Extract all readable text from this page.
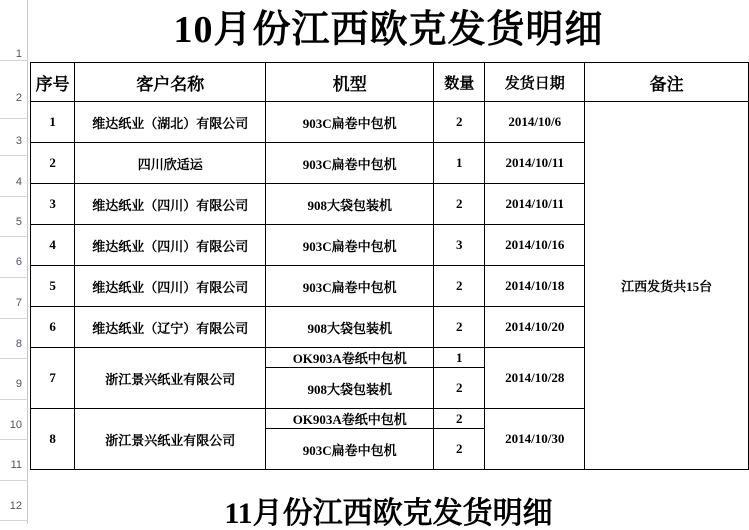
1
2
3
4
5
6
7
8
9
10
11
12
10月份江西欧克发货明细
序号	客户名称	机型	数量	发货日期	备注
1	维达纸业（湖北）有限公司	903C扁卷中包机	2	2014/10/6	江西发货共15台
2	四川欣适运	903C扁卷中包机	1	2014/10/11	
3	维达纸业（四川）有限公司	908大袋包装机	2	2014/10/11	
4	维达纸业（四川）有限公司	903C扁卷中包机	3	2014/10/16	
5	维达纸业（四川）有限公司	903C扁卷中包机	2	2014/10/18	
6	维达纸业（辽宁）有限公司	908大袋包装机	2	2014/10/20	
7	浙江景兴纸业有限公司	OK903A卷纸中包机	1	2014/10/28	
		908大袋包装机	2		
8	浙江景兴纸业有限公司	OK903A卷纸中包机	2	2014/10/30	
		903C扁卷中包机	2		
11月份江西欧克发货明细
